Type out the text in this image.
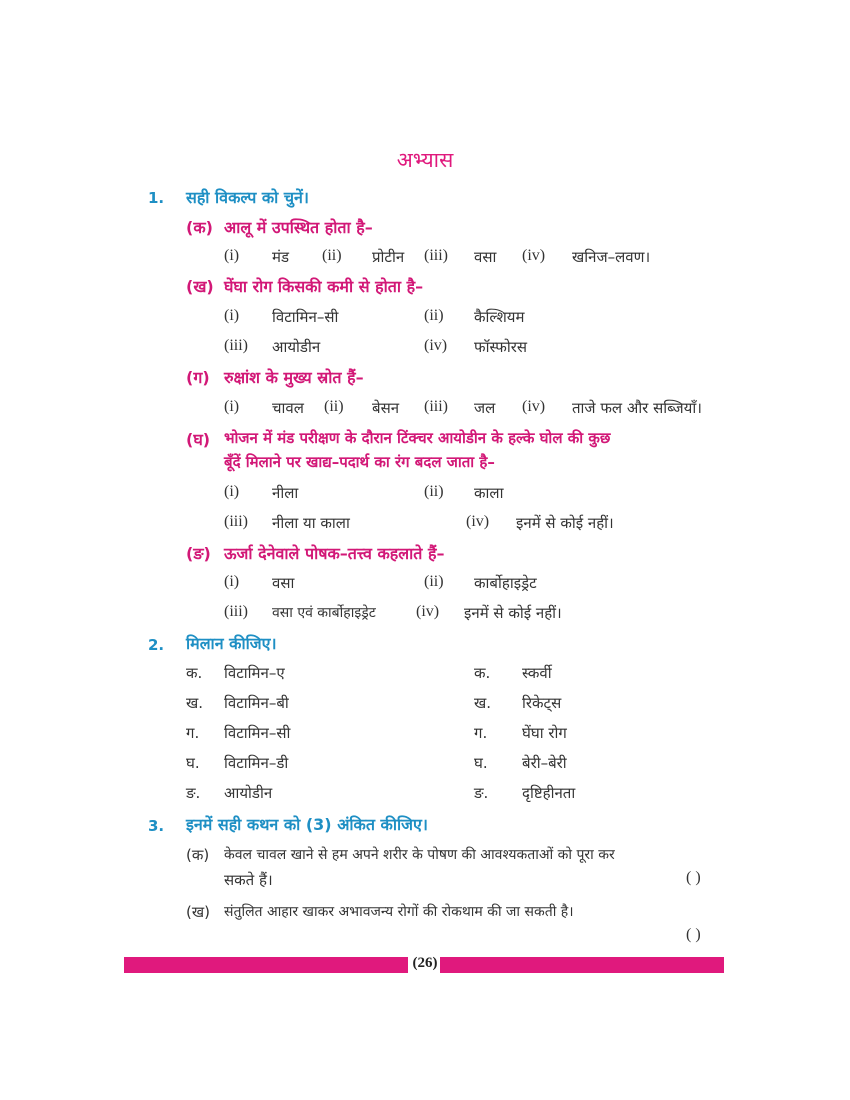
अभ्यास
1. सही विकल्प को चुनें।
(क) आलू में उपस्थित होता है–
(i) मंड (ii) प्रोटीन (iii) वसा (iv) खनिज–लवण।
(ख) घेंघा रोग किसकी कमी से होता है–
(i) विटामिन–सी	(ii) कैल्शियम
(iii) आयोडीन	(iv) फॉस्फोरस
(ग) रुक्षांश के मुख्य स्रोत हैं–
(i) चावल (ii) बेसन (iii) जल (iv) ताजे फल और सब्जियाँ।
(घ) भोजन में मंड परीक्षण के दौरान टिंक्चर आयोडीन के हल्के घोल की कुछ
बूँदें मिलाने पर खाद्य–पदार्थ का रंग बदल जाता है–
(i) नीला	(ii) काला
(iii) नीला या काला	(iv) इनमें से कोई नहीं।
(ङ) ऊर्जा देनेवाले पोषक–तत्त्व कहलाते हैं–
(i) वसा	(ii) कार्बोहाइड्रेट
(iii) वसा एवं कार्बोहाइड्रेट	(iv) इनमें से कोई नहीं।
2. मिलान कीजिए।
क. विटामिन–ए	क. स्कर्वी
ख. विटामिन–बी	ख. रिकेट्स
ग. विटामिन–सी	ग. घेंघा रोग
घ. विटामिन–डी	घ. बेरी–बेरी
ङ. आयोडीन	ङ. दृष्टिहीनता
3. इनमें सही कथन को (3) अंकित कीजिए।
(क) केवल चावल खाने से हम अपने शरीर के पोषण की आवश्यकताओं को पूरा कर
सकते हैं।	( )
(ख) संतुलित आहार खाकर अभावजन्य रोगों की रोकथाम की जा सकती है।
( )
(26)
